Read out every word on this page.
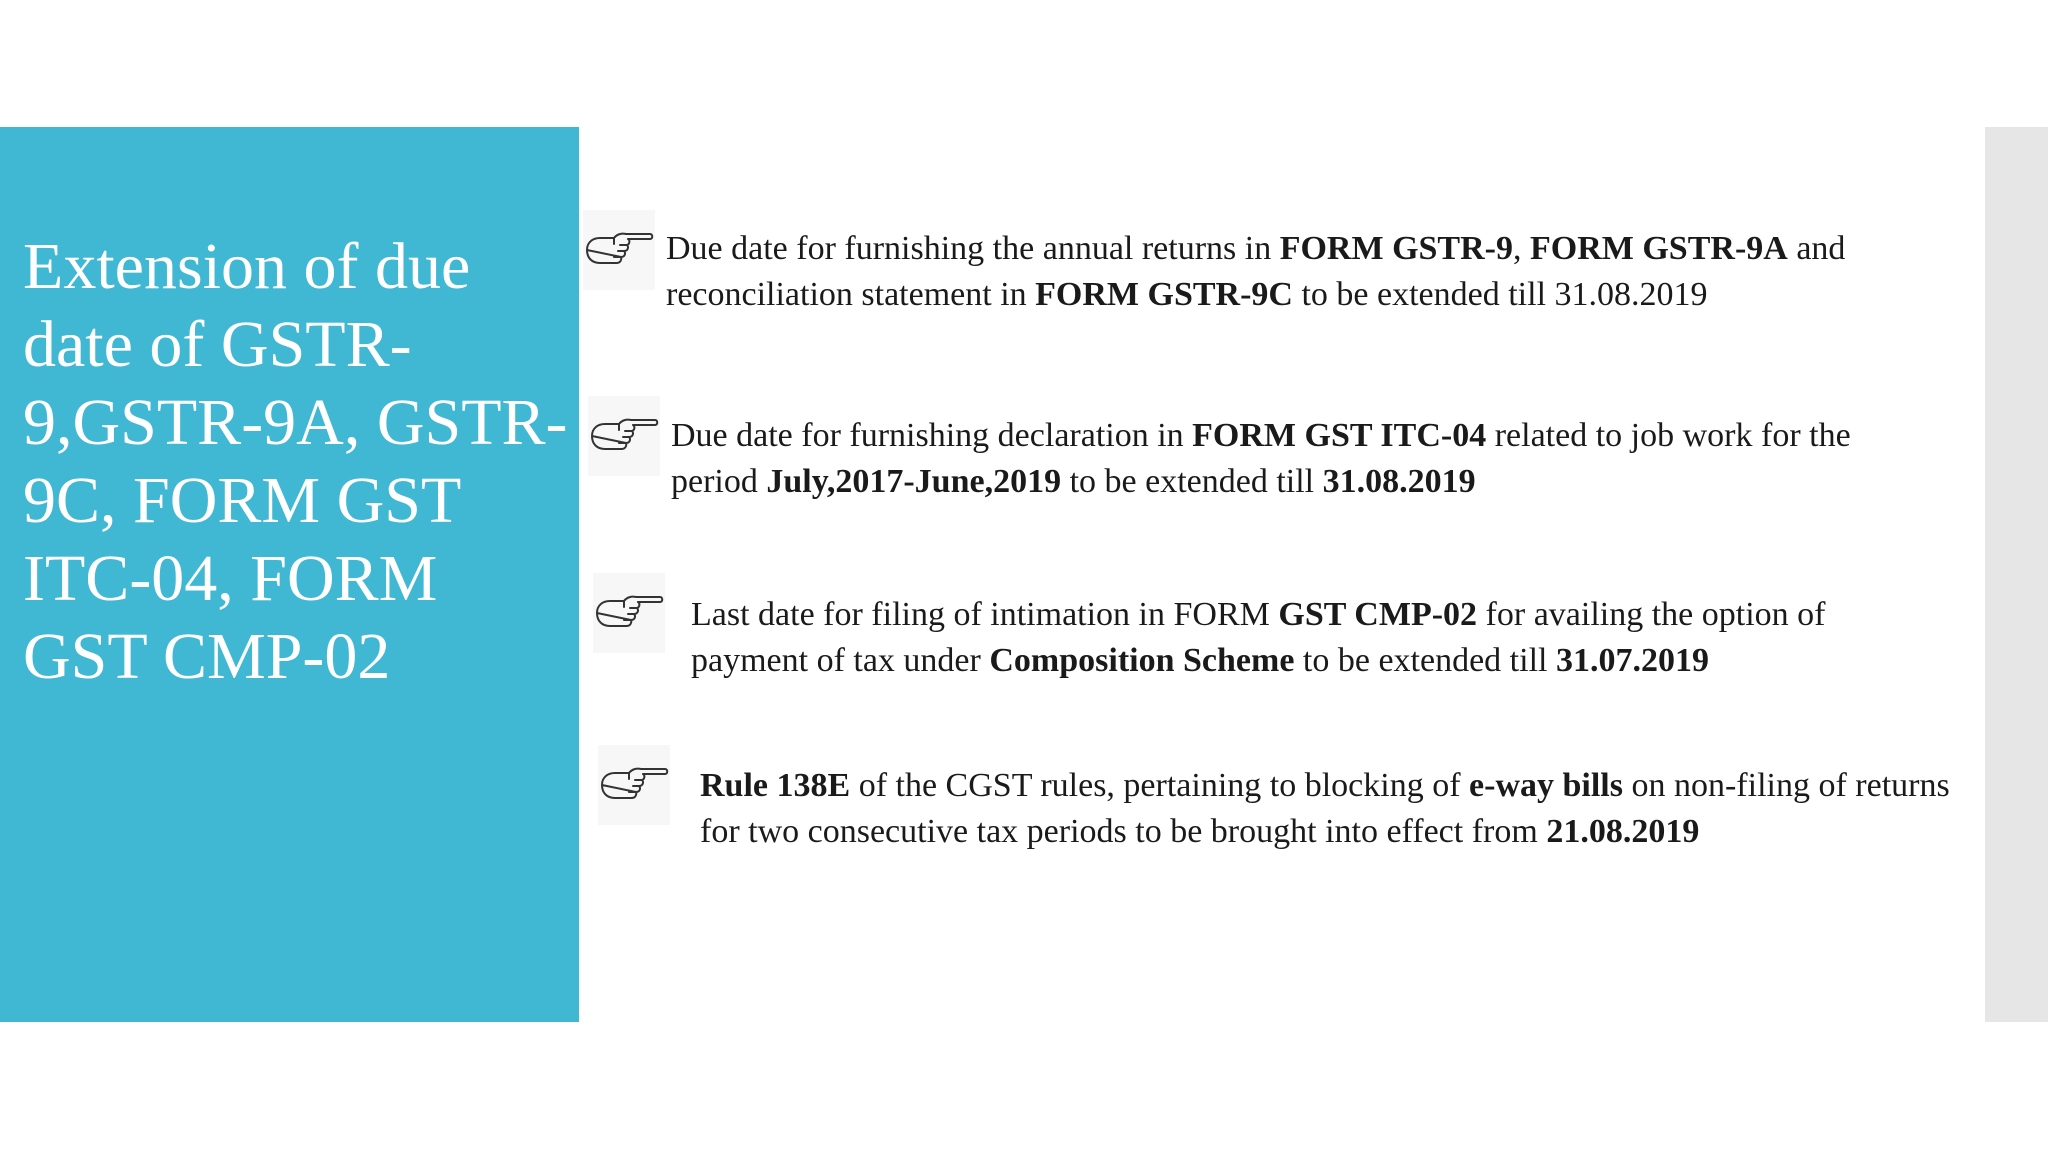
Extension of due date of GSTR-9,GSTR-9A, GSTR-9C, FORM GST ITC-04, FORM GST CMP-02

Due date for furnishing the annual returns in FORM GSTR-9, FORM GSTR-9A and reconciliation statement in FORM GSTR-9C to be extended till 31.08.2019

Due date for furnishing declaration in FORM GST ITC-04 related to job work for the period July,2017-June,2019 to be extended till 31.08.2019

Last date for filing of intimation in FORM GST CMP-02 for availing the option of payment of tax under Composition Scheme to be extended till 31.07.2019

Rule 138E of the CGST rules, pertaining to blocking of e-way bills on non-filing of returns for two consecutive tax periods to be brought into effect from 21.08.2019
